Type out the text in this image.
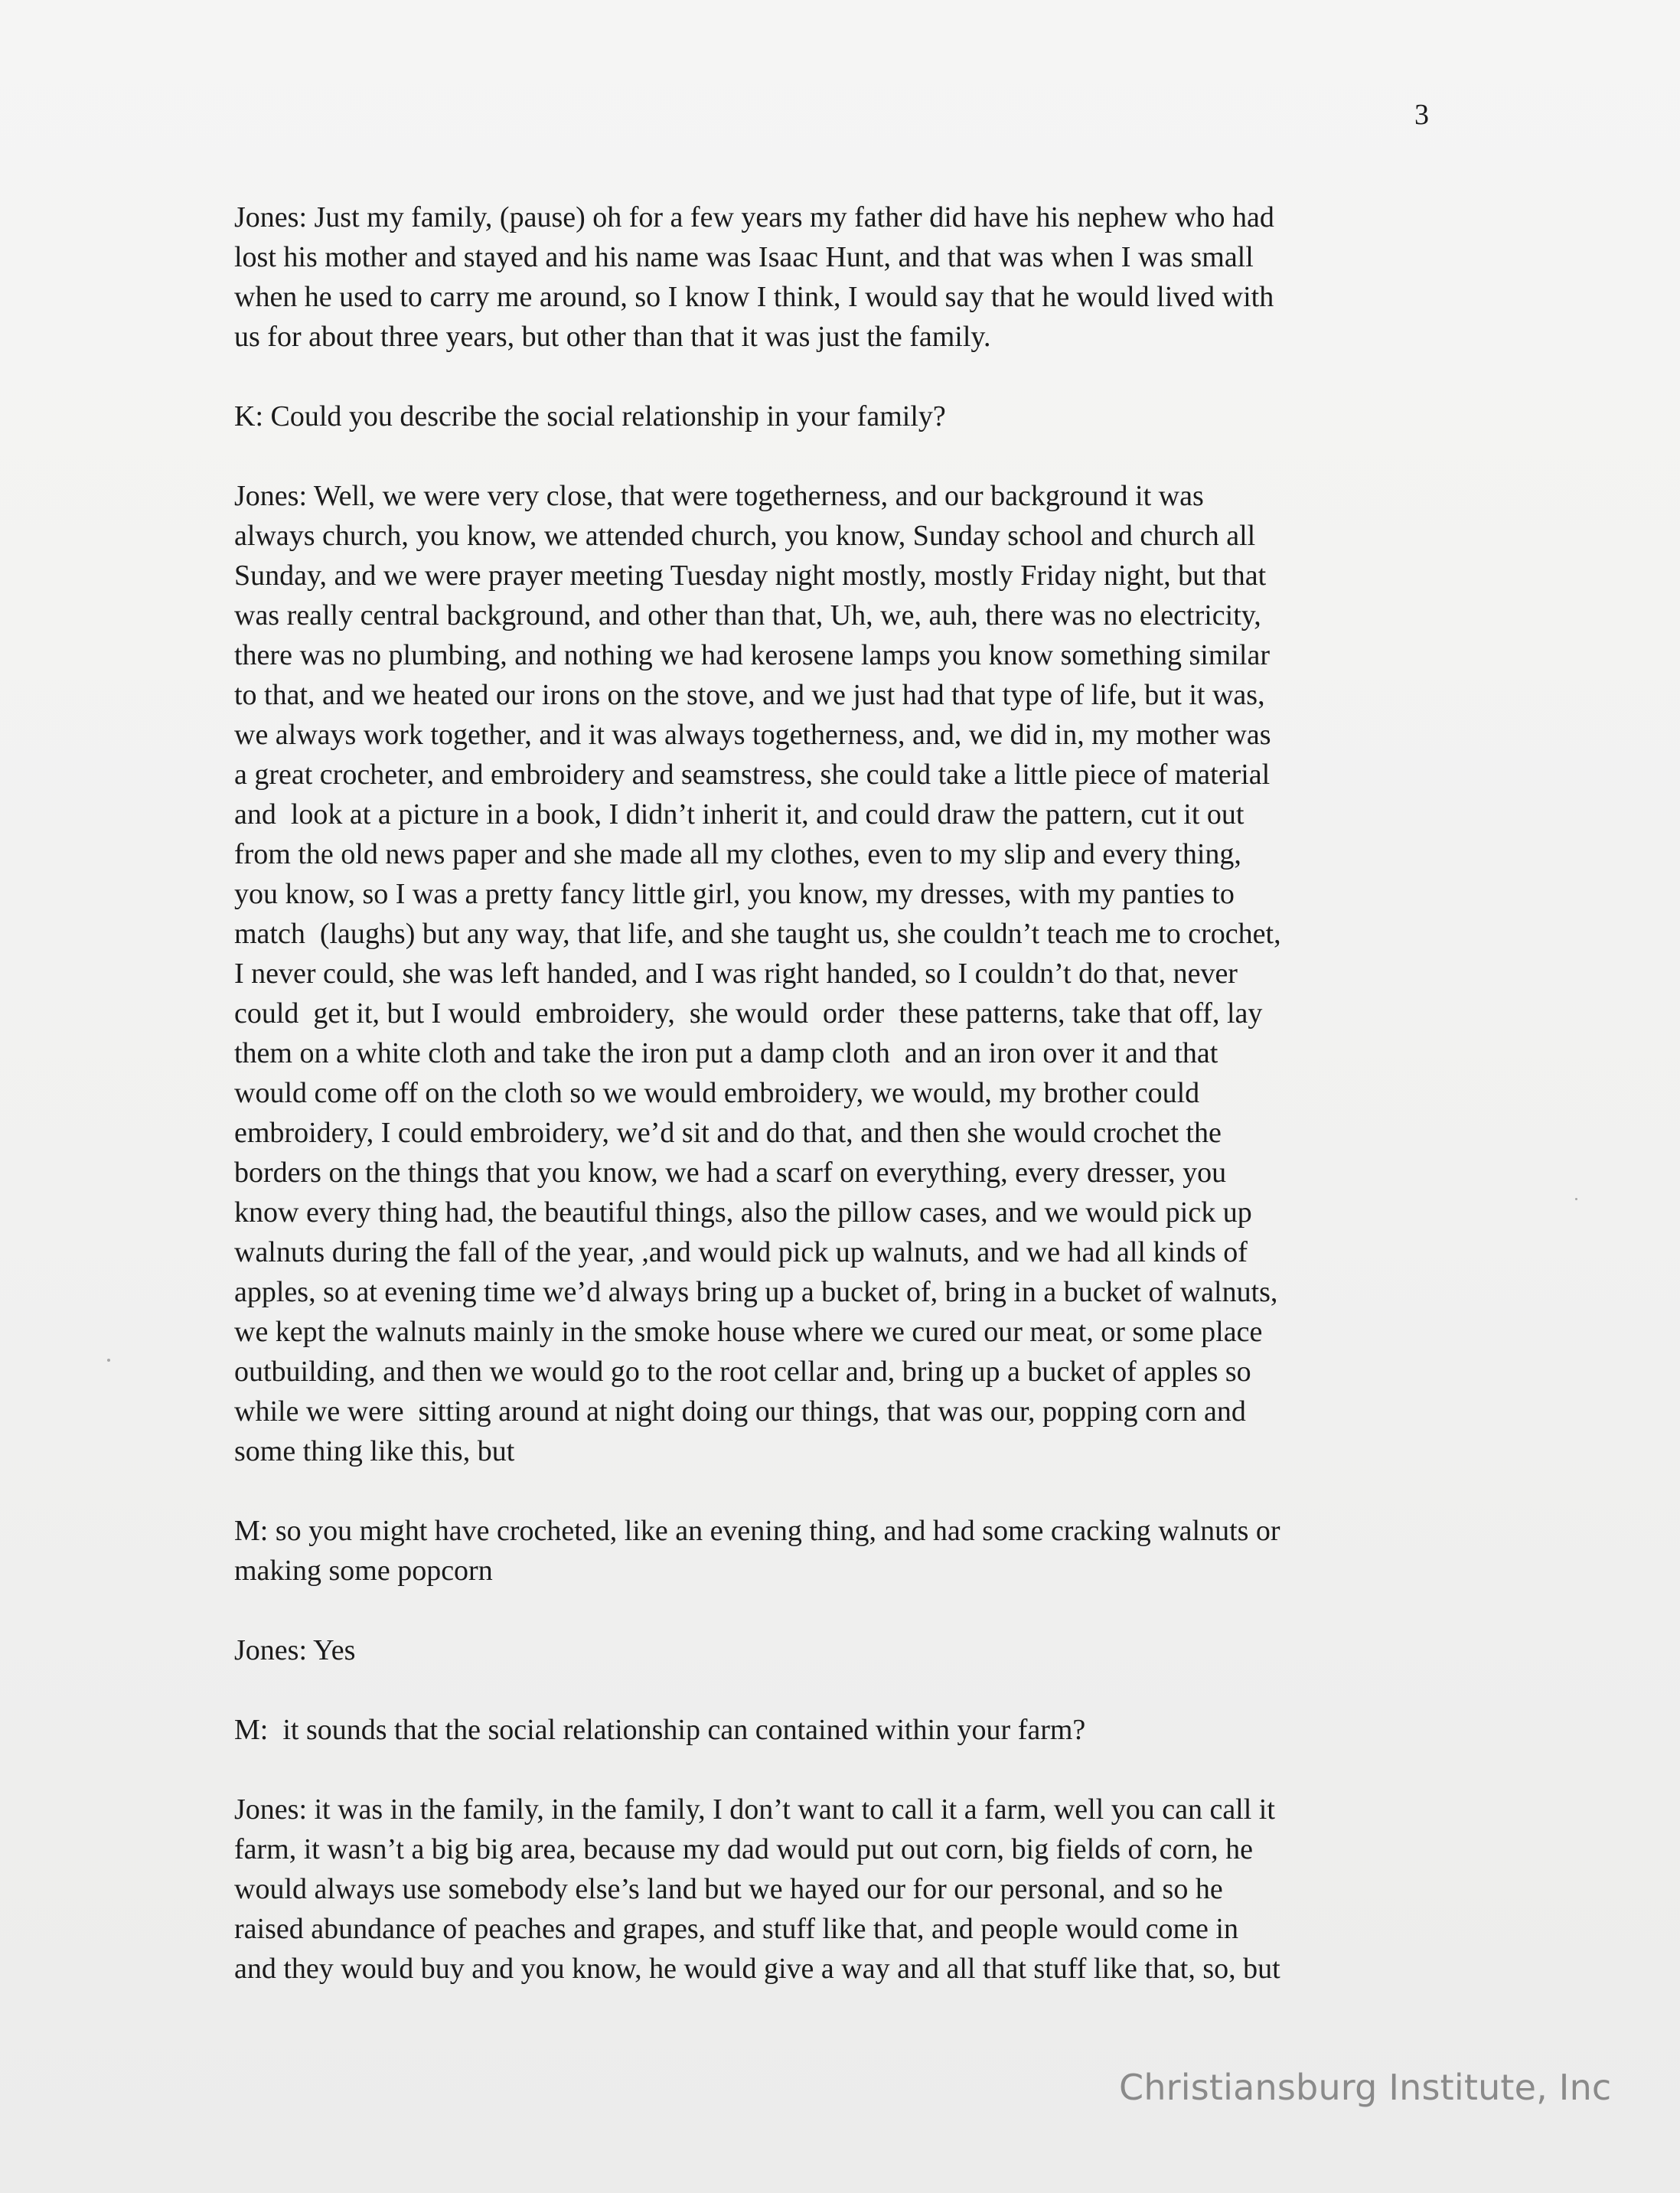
3
Jones: Just my family, (pause) oh for a few years my father did have his nephew who had
lost his mother and stayed and his name was Isaac Hunt, and that was when I was small
when he used to carry me around, so I know I think, I would say that he would lived with
us for about three years, but other than that it was just the family.
K: Could you describe the social relationship in your family?
Jones: Well, we were very close, that were togetherness, and our background it was
always church, you know, we attended church, you know, Sunday school and church all
Sunday, and we were prayer meeting Tuesday night mostly, mostly Friday night, but that
was really central background, and other than that, Uh, we, auh, there was no electricity,
there was no plumbing, and nothing we had kerosene lamps you know something similar
to that, and we heated our irons on the stove, and we just had that type of life, but it was,
we always work together, and it was always togetherness, and, we did in, my mother was
a great crocheter, and embroidery and seamstress, she could take a little piece of material
and  look at a picture in a book, I didn’t inherit it, and could draw the pattern, cut it out
from the old news paper and she made all my clothes, even to my slip and every thing,
you know, so I was a pretty fancy little girl, you know, my dresses, with my panties to
match  (laughs) but any way, that life, and she taught us, she couldn’t teach me to crochet,
I never could, she was left handed, and I was right handed, so I couldn’t do that, never
could  get it, but I would  embroidery,  she would  order  these patterns, take that off, lay
them on a white cloth and take the iron put a damp cloth  and an iron over it and that
would come off on the cloth so we would embroidery, we would, my brother could
embroidery, I could embroidery, we’d sit and do that, and then she would crochet the
borders on the things that you know, we had a scarf on everything, every dresser, you
know every thing had, the beautiful things, also the pillow cases, and we would pick up
walnuts during the fall of the year, ,and would pick up walnuts, and we had all kinds of
apples, so at evening time we’d always bring up a bucket of, bring in a bucket of walnuts,
we kept the walnuts mainly in the smoke house where we cured our meat, or some place
outbuilding, and then we would go to the root cellar and, bring up a bucket of apples so
while we were  sitting around at night doing our things, that was our, popping corn and
some thing like this, but
M: so you might have crocheted, like an evening thing, and had some cracking walnuts or
making some popcorn
Jones: Yes
M:  it sounds that the social relationship can contained within your farm?
Jones: it was in the family, in the family, I don’t want to call it a farm, well you can call it
farm, it wasn’t a big big area, because my dad would put out corn, big fields of corn, he
would always use somebody else’s land but we hayed our for our personal, and so he
raised abundance of peaches and grapes, and stuff like that, and people would come in
and they would buy and you know, he would give a way and all that stuff like that, so, but
Christiansburg Institute, Inc
